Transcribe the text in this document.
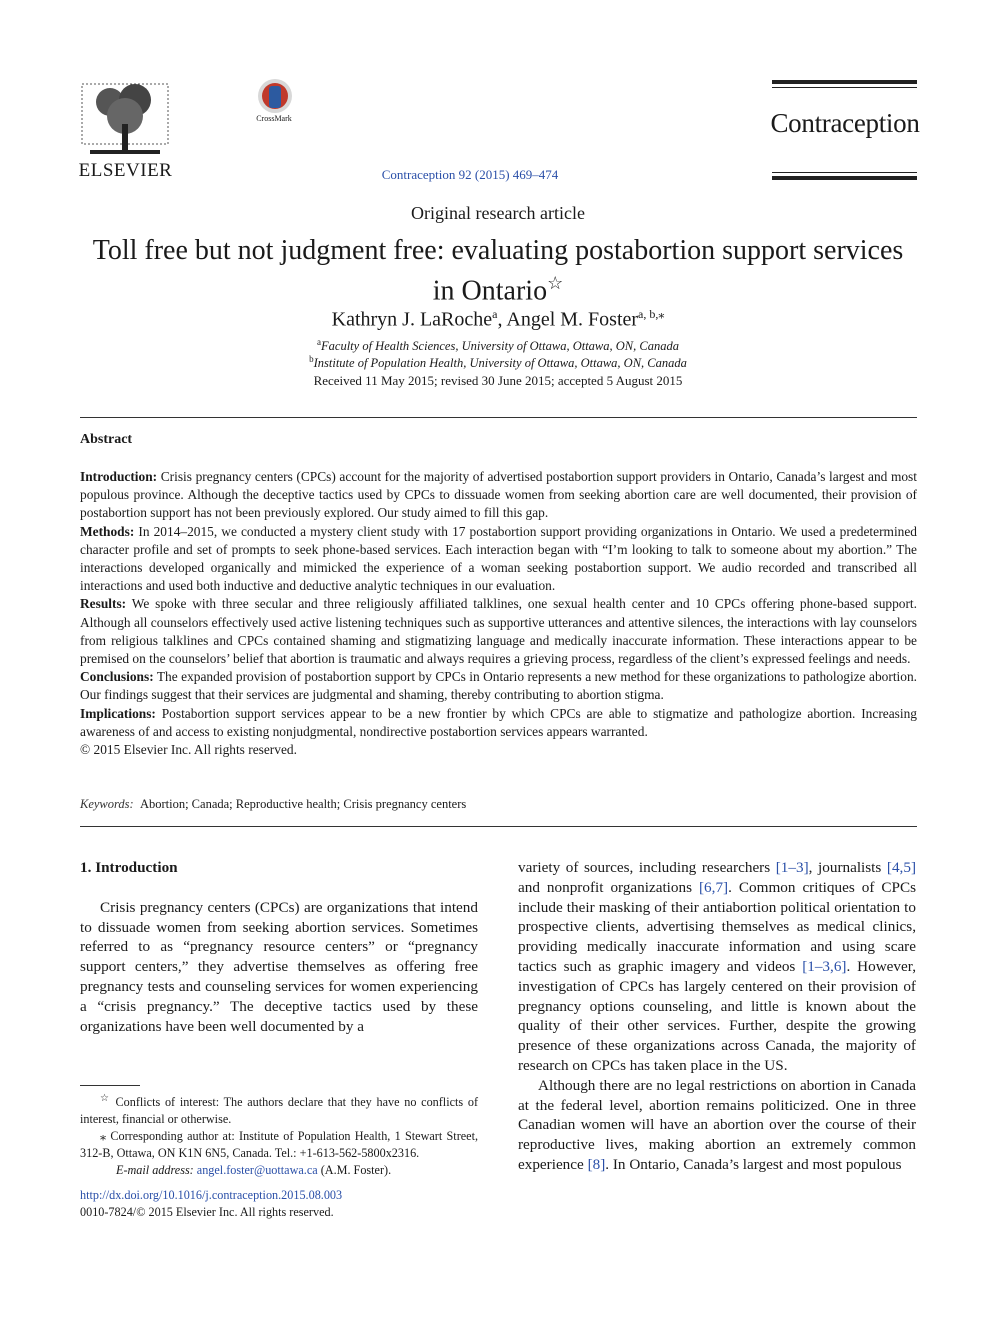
ELSEVIER
CrossMark
Contraception 92 (2015) 469–474
Contraception
Original research article
Toll free but not judgment free: evaluating postabortion support services in Ontario☆
Kathryn J. LaRoche$^a$, Angel M. Foster$^{a, b,⁎}$
$^a$Faculty of Health Sciences, University of Ottawa, Ottawa, ON, Canada
$^b$Institute of Population Health, University of Ottawa, Ottawa, ON, Canada
Received 11 May 2015; revised 30 June 2015; accepted 5 August 2015
Abstract

Introduction: Crisis pregnancy centers (CPCs) account for the majority of advertised postabortion support providers in Ontario, Canada’s largest and most populous province. Although the deceptive tactics used by CPCs to dissuade women from seeking abortion care are well documented, their provision of postabortion support has not been previously explored. Our study aimed to fill this gap.

Methods: In 2014–2015, we conducted a mystery client study with 17 postabortion support providing organizations in Ontario. We used a predetermined character profile and set of prompts to seek phone-based services. Each interaction began with “I’m looking to talk to someone about my abortion.” The interactions developed organically and mimicked the experience of a woman seeking postabortion support. We audio recorded and transcribed all interactions and used both inductive and deductive analytic techniques in our evaluation.

Results: We spoke with three secular and three religiously affiliated talklines, one sexual health center and 10 CPCs offering phone-based support. Although all counselors effectively used active listening techniques such as supportive utterances and attentive silences, the interactions with lay counselors from religious talklines and CPCs contained shaming and stigmatizing language and medically inaccurate information. These interactions appear to be premised on the counselors’ belief that abortion is traumatic and always requires a grieving process, regardless of the client’s expressed feelings and needs.

Conclusions: The expanded provision of postabortion support by CPCs in Ontario represents a new method for these organizations to pathologize abortion. Our findings suggest that their services are judgmental and shaming, thereby contributing to abortion stigma.

Implications: Postabortion support services appear to be a new frontier by which CPCs are able to stigmatize and pathologize abortion. Increasing awareness of and access to existing nonjudgmental, nondirective postabortion services appears warranted.

© 2015 Elsevier Inc. All rights reserved.

Keywords: Abortion; Canada; Reproductive health; Crisis pregnancy centers

1. Introduction

Crisis pregnancy centers (CPCs) are organizations that intend to dissuade women from seeking abortion services. Sometimes referred to as “pregnancy resource centers” or “pregnancy support centers,” they advertise themselves as offering free pregnancy tests and counseling services for women experiencing a “crisis pregnancy.” The deceptive tactics used by these organizations have been well documented by a

variety of sources, including researchers [1–3], journalists [4,5] and nonprofit organizations [6,7]. Common critiques of CPCs include their masking of their antiabortion political orientation to prospective clients, advertising themselves as medical clinics, providing medically inaccurate information and using scare tactics such as graphic imagery and videos [1–3,6]. However, investigation of CPCs has largely centered on their provision of pregnancy options counseling, and little is known about the quality of their other services. Further, despite the growing presence of these organizations across Canada, the majority of research on CPCs has taken place in the US.

Although there are no legal restrictions on abortion in Canada at the federal level, abortion remains politicized. One in three Canadian women will have an abortion over the course of their reproductive lives, making abortion an extremely common experience [8]. In Ontario, Canada’s largest and most populous

☆ Conflicts of interest: The authors declare that they have no conflicts of interest, financial or otherwise.

⁎ Corresponding author at: Institute of Population Health, 1 Stewart Street, 312-B, Ottawa, ON K1N 6N5, Canada. Tel.: +1-613-562-5800x2316.

E-mail address: angel.foster@uottawa.ca (A.M. Foster).

http://dx.doi.org/10.1016/j.contraception.2015.08.003
0010-7824/© 2015 Elsevier Inc. All rights reserved.
